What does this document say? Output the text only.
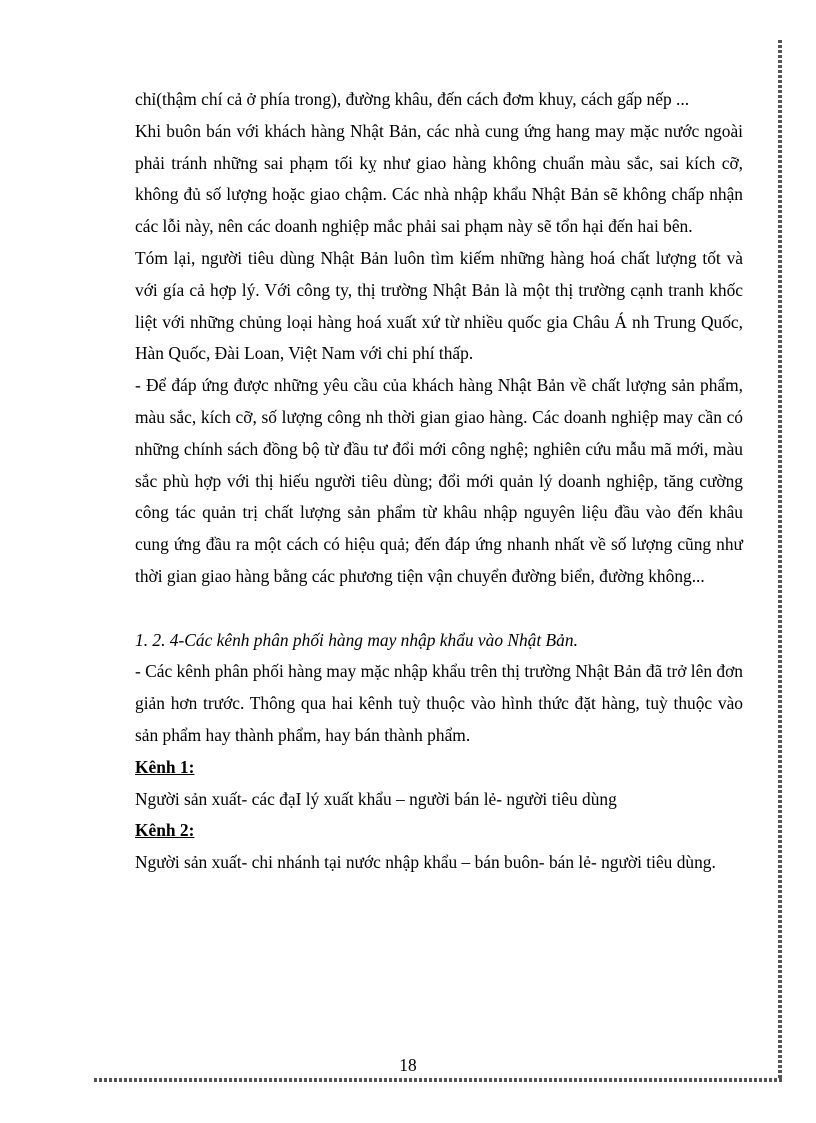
chỉ(thậm chí cả ở phía trong), đường khâu, đến cách đơm khuy, cách gấp nếp ...

Khi buôn bán với khách hàng Nhật Bản, các nhà cung ứng hang may mặc nước ngoài phải tránh những sai phạm tối kỵ như giao hàng không chuẩn màu sắc, sai kích cỡ, không đủ số lượng hoặc giao chậm. Các nhà nhập khẩu Nhật Bản sẽ không chấp nhận các lỗi này, nên các doanh nghiệp mắc phải sai phạm này sẽ tổn hại đến hai bên.

Tóm lại, người tiêu dùng Nhật Bản luôn tìm kiếm những hàng hoá chất lượng tốt và với gía cả hợp lý. Với công ty, thị trường Nhật Bản là một thị trường cạnh tranh khốc liệt với những chủng loại hàng hoá xuất xứ từ nhiều quốc gia Châu Á nh Trung Quốc, Hàn Quốc, Đài Loan, Việt Nam với chi phí thấp.

- Để đáp ứng được những yêu cầu của khách hàng Nhật Bản về chất lượng sản phẩm, màu sắc, kích cỡ, số lượng công nh thời gian giao hàng. Các doanh nghiệp may cần có những chính sách đồng bộ từ đầu tư đổi mới công nghệ; nghiên cứu mẫu mã mới, màu sắc phù hợp với thị hiếu người tiêu dùng; đổi mới quản lý doanh nghiệp, tăng cường công tác quản trị chất lượng sản phẩm từ khâu nhập nguyên liệu đầu vào đến khâu cung ứng đầu ra một cách có hiệu quả; đến đáp ứng nhanh nhất về số lượng cũng như thời gian giao hàng bằng các phương tiện vận chuyển đường biển, đường không...

1. 2. 4-Các kênh phân phối hàng may nhập khẩu vào Nhật Bản.

- Các kênh phân phối hàng may mặc nhập khẩu trên thị trường Nhật Bản đã trở lên đơn giản hơn trước. Thông qua hai kênh tuỳ thuộc vào hình thức đặt hàng, tuỳ thuộc vào sản phẩm hay thành phẩm, hay bán thành phẩm.

Kênh 1:

Người sản xuất- các đạI lý xuất khẩu – người bán lẻ- người tiêu dùng

Kênh 2:

Người sản xuất- chi nhánh tại nước nhập khẩu – bán buôn- bán lẻ- người tiêu dùng.

18
